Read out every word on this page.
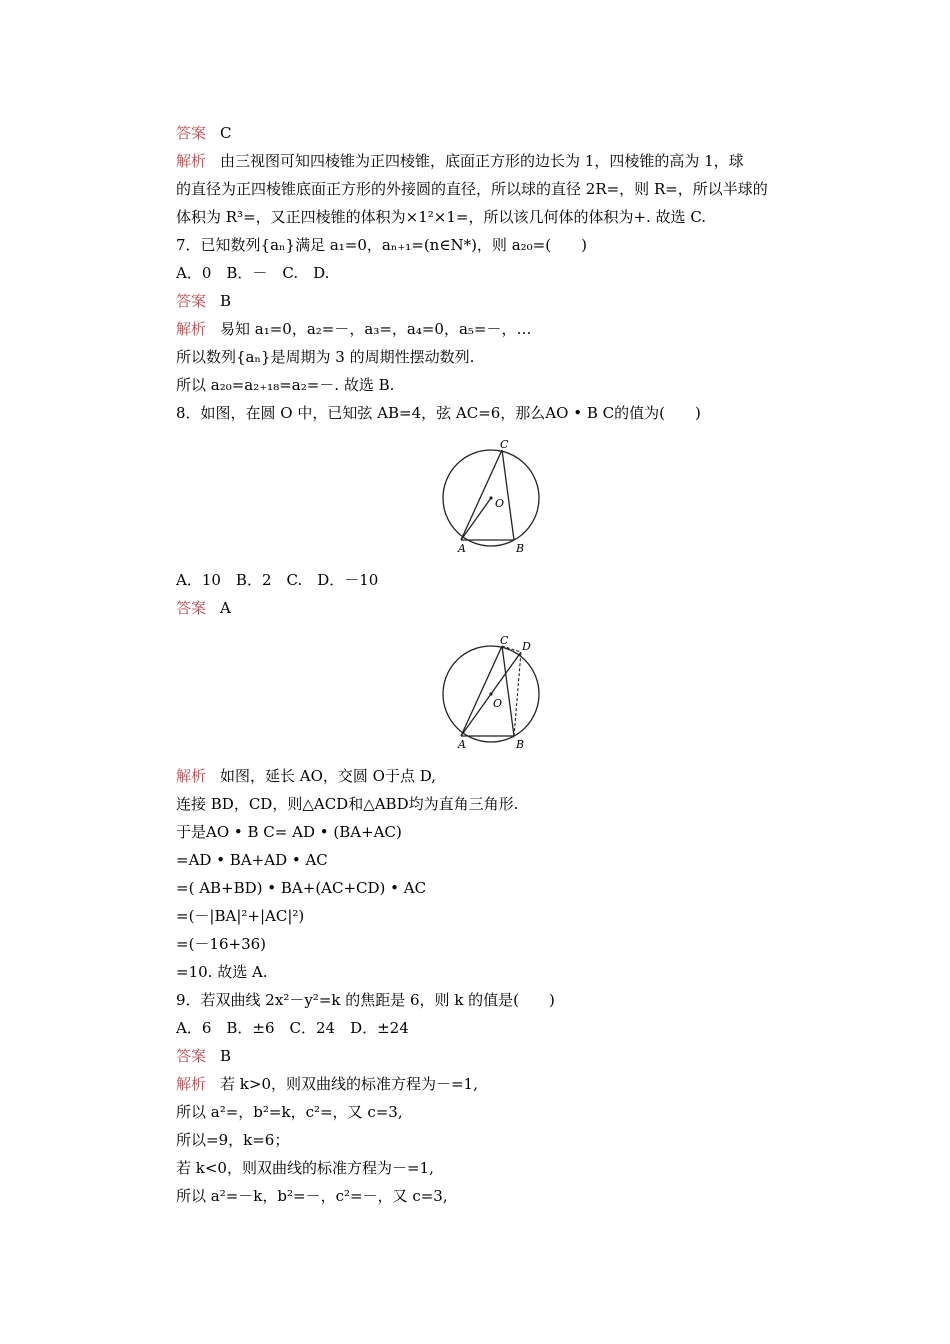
答案 C
解析 由三视图可知四棱锥为正四棱锥，底面正方形的边长为 1，四棱锥的高为 1，球
的直径为正四棱锥底面正方形的外接圆的直径，所以球的直径 2R=，则 R=，所以半球的
体积为 R³=，又正四棱锥的体积为×1²×1=，所以该几何体的体积为+. 故选 C.
7．已知数列{aₙ}满足 a₁=0，aₙ₊₁=(n∈N*)，则 a₂₀=(　　)
A．0　B．－　C.　D.
答案 B
解析 易知 a₁=0，a₂=－，a₃=，a₄=0，a₅=－，…
所以数列{aₙ}是周期为 3 的周期性摆动数列.
所以 a₂₀=a₂₊₁₈=a₂=－. 故选 B.
8．如图，在圆 O 中，已知弦 AB=4，弦 AC=6，那么AO • B C的值为(　　)
C
O
A	B
A．10　B．2　C.　D．－10
答案 A
C D
O
A	B
解析 如图，延长 AO，交圆 O于点 D,
连接 BD，CD，则△ACD和△ABD均为直角三角形.
于是AO • B C= AD • (BA+AC)
=AD • BA+AD • AC
=( AB+BD) • BA+(AC+CD) • AC
=(－|BA|²+|AC|²)
=(－16+36)
=10. 故选 A.
9．若双曲线 2x²－y²=k 的焦距是 6，则 k 的值是(　　)
A．6　B．±6　C．24　D．±24
答案 B
解析 若 k>0，则双曲线的标准方程为－=1,
所以 a²=，b²=k，c²=，又 c=3,
所以=9，k=6；
若 k<0，则双曲线的标准方程为－=1,
所以 a²=－k，b²=－，c²=－，又 c=3,
